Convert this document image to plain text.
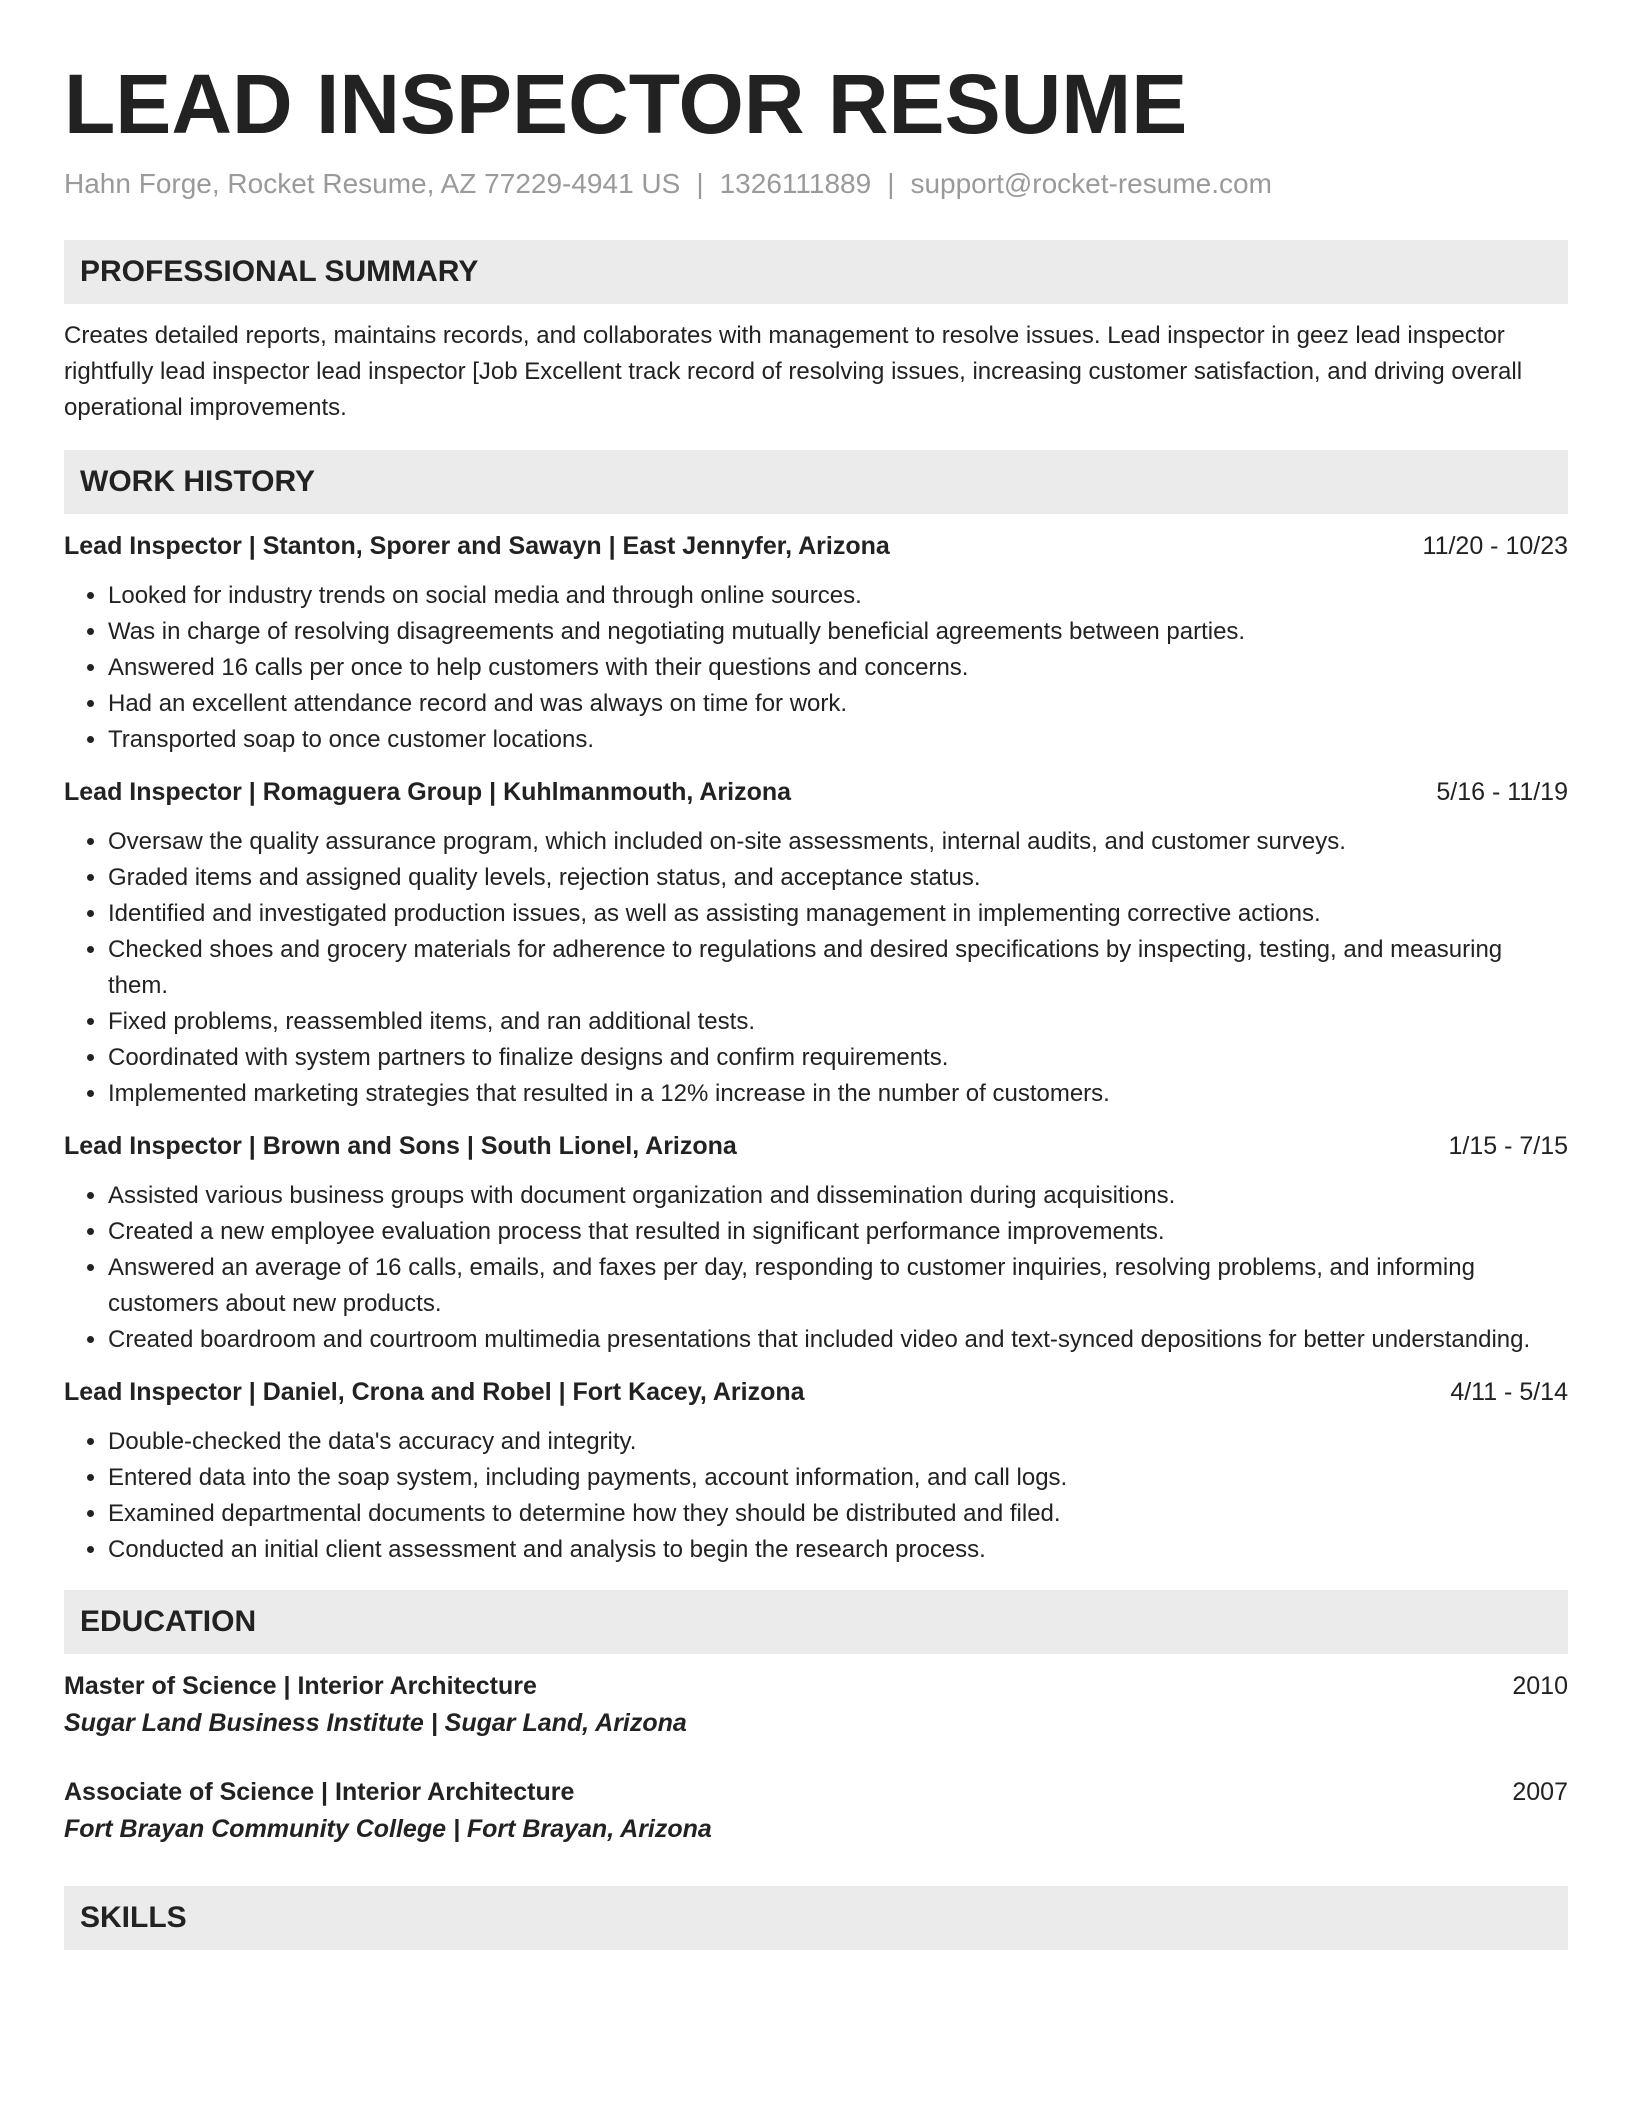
LEAD INSPECTOR RESUME
Hahn Forge, Rocket Resume, AZ 77229-4941 US | 1326111889 | support@rocket-resume.com
PROFESSIONAL SUMMARY

Creates detailed reports, maintains records, and collaborates with management to resolve issues. Lead inspector in geez lead inspector rightfully lead inspector lead inspector [Job Excellent track record of resolving issues, increasing customer satisfaction, and driving overall operational improvements.

WORK HISTORY
Lead Inspector | Stanton, Sporer and Sawayn | East Jennyfer, Arizona	11/20 - 10/23
• Looked for industry trends on social media and through online sources.
• Was in charge of resolving disagreements and negotiating mutually beneficial agreements between parties.
• Answered 16 calls per once to help customers with their questions and concerns.
• Had an excellent attendance record and was always on time for work.
• Transported soap to once customer locations.
Lead Inspector | Romaguera Group | Kuhlmanmouth, Arizona	5/16 - 11/19
• Oversaw the quality assurance program, which included on-site assessments, internal audits, and customer surveys.
• Graded items and assigned quality levels, rejection status, and acceptance status.
• Identified and investigated production issues, as well as assisting management in implementing corrective actions.
• Checked shoes and grocery materials for adherence to regulations and desired specifications by inspecting, testing, and measuring them.
• Fixed problems, reassembled items, and ran additional tests.
• Coordinated with system partners to finalize designs and confirm requirements.
• Implemented marketing strategies that resulted in a 12% increase in the number of customers.
Lead Inspector | Brown and Sons | South Lionel, Arizona	1/15 - 7/15
• Assisted various business groups with document organization and dissemination during acquisitions.
• Created a new employee evaluation process that resulted in significant performance improvements.
• Answered an average of 16 calls, emails, and faxes per day, responding to customer inquiries, resolving problems, and informing customers about new products.
• Created boardroom and courtroom multimedia presentations that included video and text-synced depositions for better understanding.
Lead Inspector | Daniel, Crona and Robel | Fort Kacey, Arizona	4/11 - 5/14
• Double-checked the data's accuracy and integrity.
• Entered data into the soap system, including payments, account information, and call logs.
• Examined departmental documents to determine how they should be distributed and filed.
• Conducted an initial client assessment and analysis to begin the research process.
EDUCATION
Master of Science | Interior Architecture	2010
Sugar Land Business Institute | Sugar Land, Arizona
Associate of Science | Interior Architecture	2007
Fort Brayan Community College | Fort Brayan, Arizona
SKILLS
